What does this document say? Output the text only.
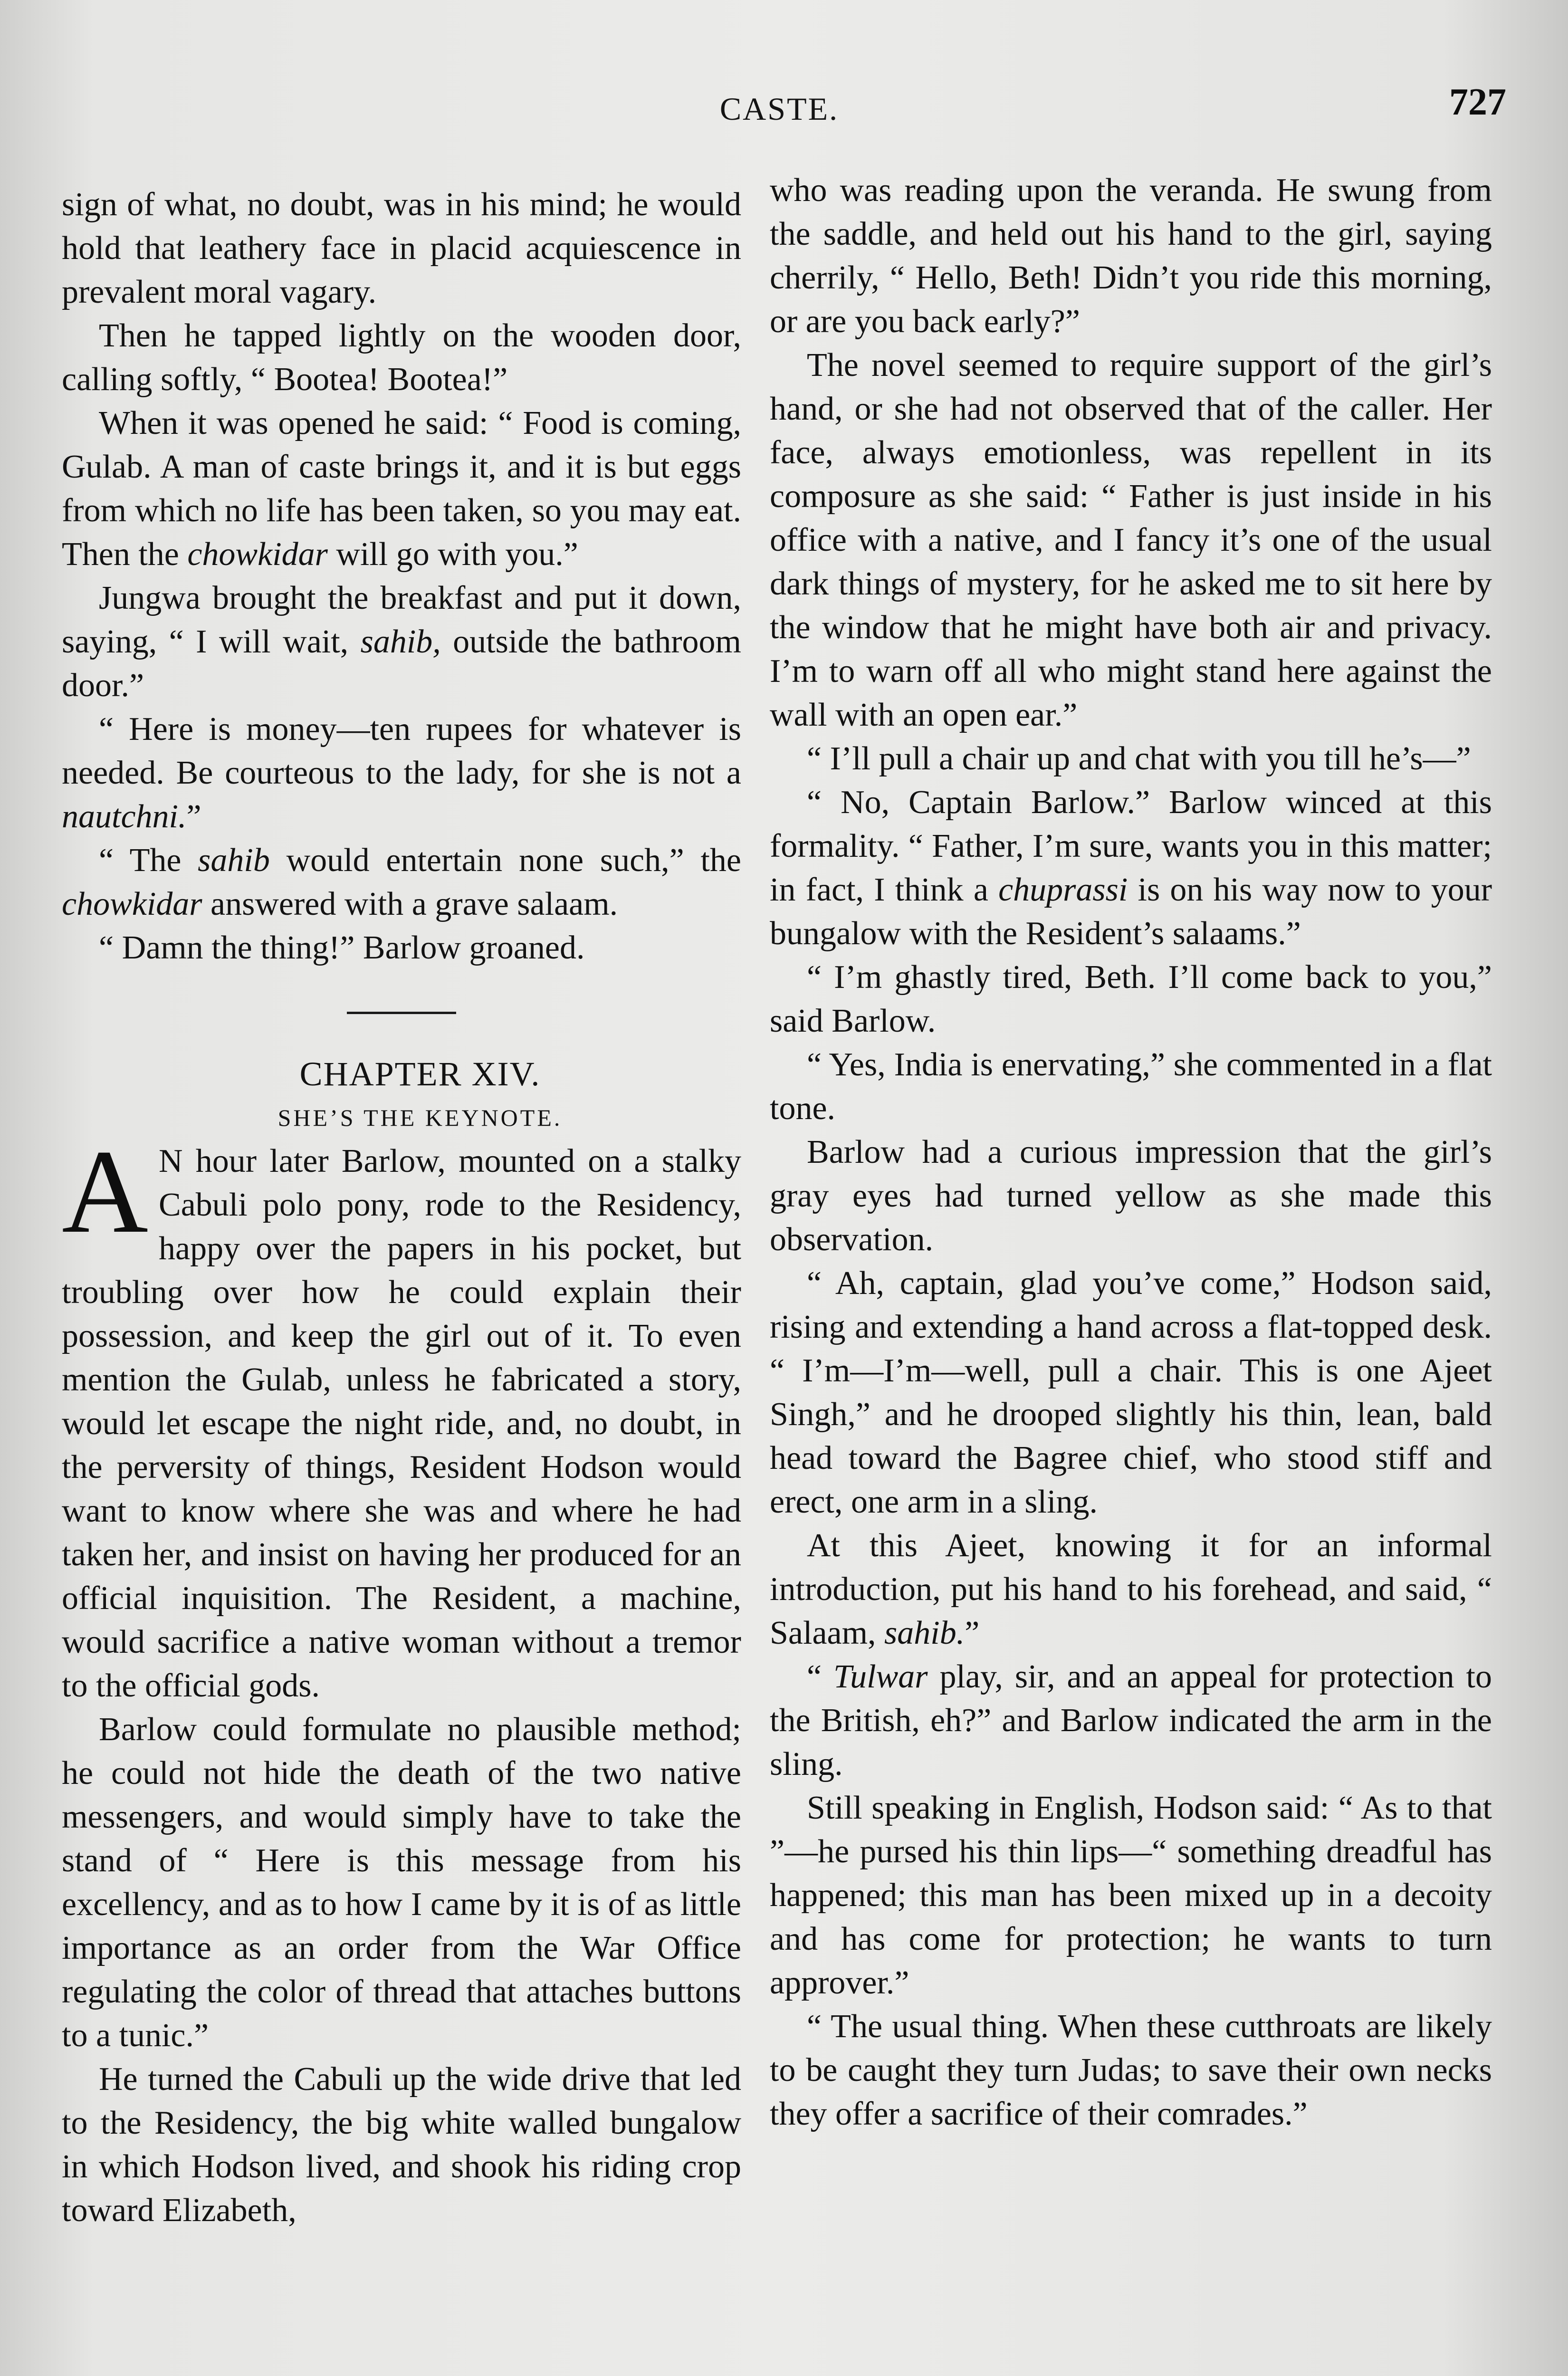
CASTE.	727

sign of what, no doubt, was in his mind; he would hold that leathery face in placid acquiescence in prevalent moral vagary.

Then he tapped lightly on the wooden door, calling softly, “ Bootea! Bootea!”

When it was opened he said: “ Food is coming, Gulab. A man of caste brings it, and it is but eggs from which no life has been taken, so you may eat. Then the chowkidar will go with you.”

Jungwa brought the breakfast and put it down, saying, “ I will wait, sahib, outside the bathroom door.”

“ Here is money—ten rupees for whatever is needed. Be courteous to the lady, for she is not a nautchni.”

“ The sahib would entertain none such,” the chowkidar answered with a grave salaam.

“ Damn the thing!” Barlow groaned.

CHAPTER XIV.

SHE’S THE KEYNOTE.

A N hour later Barlow, mounted on a stalky Cabuli polo pony, rode to the Residency, happy over the papers in his pocket, but troubling over how he could explain their possession, and keep the girl out of it. To even mention the Gulab, unless he fabricated a story, would let escape the night ride, and, no doubt, in the perversity of things, Resident Hodson would want to know where she was and where he had taken her, and insist on having her produced for an official inquisition. The Resident, a machine, would sacrifice a native woman without a tremor to the official gods.

Barlow could formulate no plausible method; he could not hide the death of the two native messengers, and would simply have to take the stand of “ Here is this message from his excellency, and as to how I came by it is of as little importance as an order from the War Office regulating the color of thread that attaches buttons to a tunic.”

He turned the Cabuli up the wide drive that led to the Residency, the big white walled bungalow in which Hodson lived, and shook his riding crop toward Elizabeth,

who was reading upon the veranda. He swung from the saddle, and held out his hand to the girl, saying cherrily, “ Hello, Beth! Didn’t you ride this morning, or are you back early?”

The novel seemed to require support of the girl’s hand, or she had not observed that of the caller. Her face, always emotionless, was repellent in its composure as she said: “ Father is just inside in his office with a native, and I fancy it’s one of the usual dark things of mystery, for he asked me to sit here by the window that he might have both air and privacy. I’m to warn off all who might stand here against the wall with an open ear.”

“ I’ll pull a chair up and chat with you till he’s—”

“ No, Captain Barlow.” Barlow winced at this formality. “ Father, I’m sure, wants you in this matter; in fact, I think a chuprassi is on his way now to your bungalow with the Resident’s salaams.”

“ I’m ghastly tired, Beth. I’ll come back to you,” said Barlow.

“ Yes, India is enervating,” she commented in a flat tone.

Barlow had a curious impression that the girl’s gray eyes had turned yellow as she made this observation.

“ Ah, captain, glad you’ve come,” Hodson said, rising and extending a hand across a flat-topped desk. “ I’m—I’m—well, pull a chair. This is one Ajeet Singh,” and he drooped slightly his thin, lean, bald head toward the Bagree chief, who stood stiff and erect, one arm in a sling.

At this Ajeet, knowing it for an informal introduction, put his hand to his forehead, and said, “ Salaam, sahib.”

“ Tulwar play, sir, and an appeal for protection to the British, eh?” and Barlow indicated the arm in the sling.

Still speaking in English, Hodson said: “ As to that ”—he pursed his thin lips—“ something dreadful has happened; this man has been mixed up in a decoity and has come for protection; he wants to turn approver.”

“ The usual thing. When these cutthroats are likely to be caught they turn Judas; to save their own necks they offer a sacrifice of their comrades.”
